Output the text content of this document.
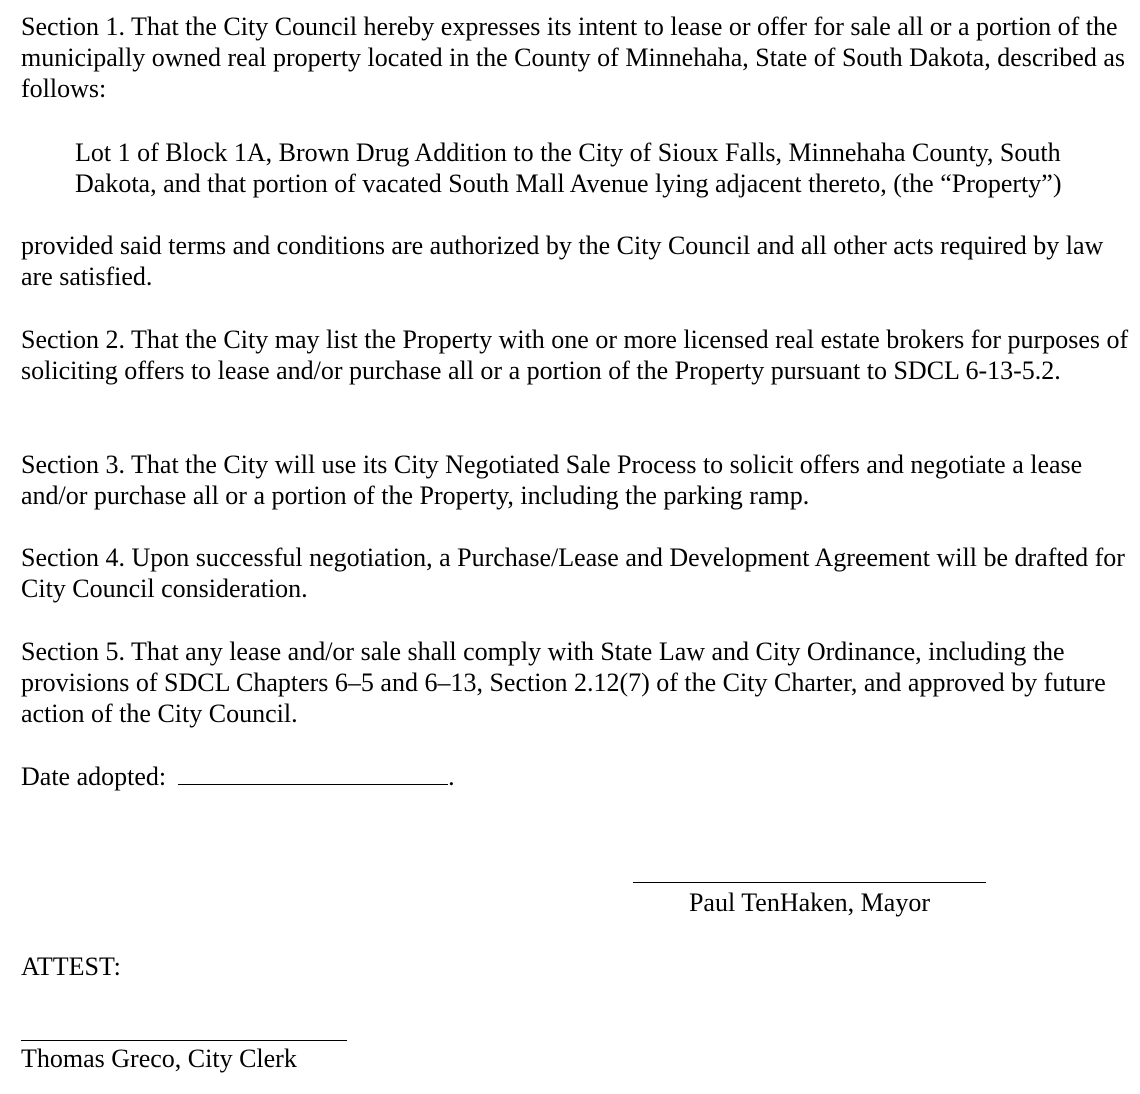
Section 1. That the City Council hereby expresses its intent to lease or offer for sale all or a portion of the municipally owned real property located in the County of Minnehaha, State of South Dakota, described as follows:

Lot 1 of Block 1A, Brown Drug Addition to the City of Sioux Falls, Minnehaha County, South Dakota, and that portion of vacated South Mall Avenue lying adjacent thereto, (the “Property”)

provided said terms and conditions are authorized by the City Council and all other acts required by law are satisfied.

Section 2. That the City may list the Property with one or more licensed real estate brokers for purposes of soliciting offers to lease and/or purchase all or a portion of the Property pursuant to SDCL 6-13-5.2.

Section 3. That the City will use its City Negotiated Sale Process to solicit offers and negotiate a lease and/or purchase all or a portion of the Property, including the parking ramp.

Section 4. Upon successful negotiation, a Purchase/Lease and Development Agreement will be drafted for City Council consideration.

Section 5. That any lease and/or sale shall comply with State Law and City Ordinance, including the provisions of SDCL Chapters 6–5 and 6–13, Section 2.12(7) of the City Charter, and approved by future action of the City Council.

Date adopted:	.
Paul TenHaken, Mayor
ATTEST:
Thomas Greco, City Clerk
